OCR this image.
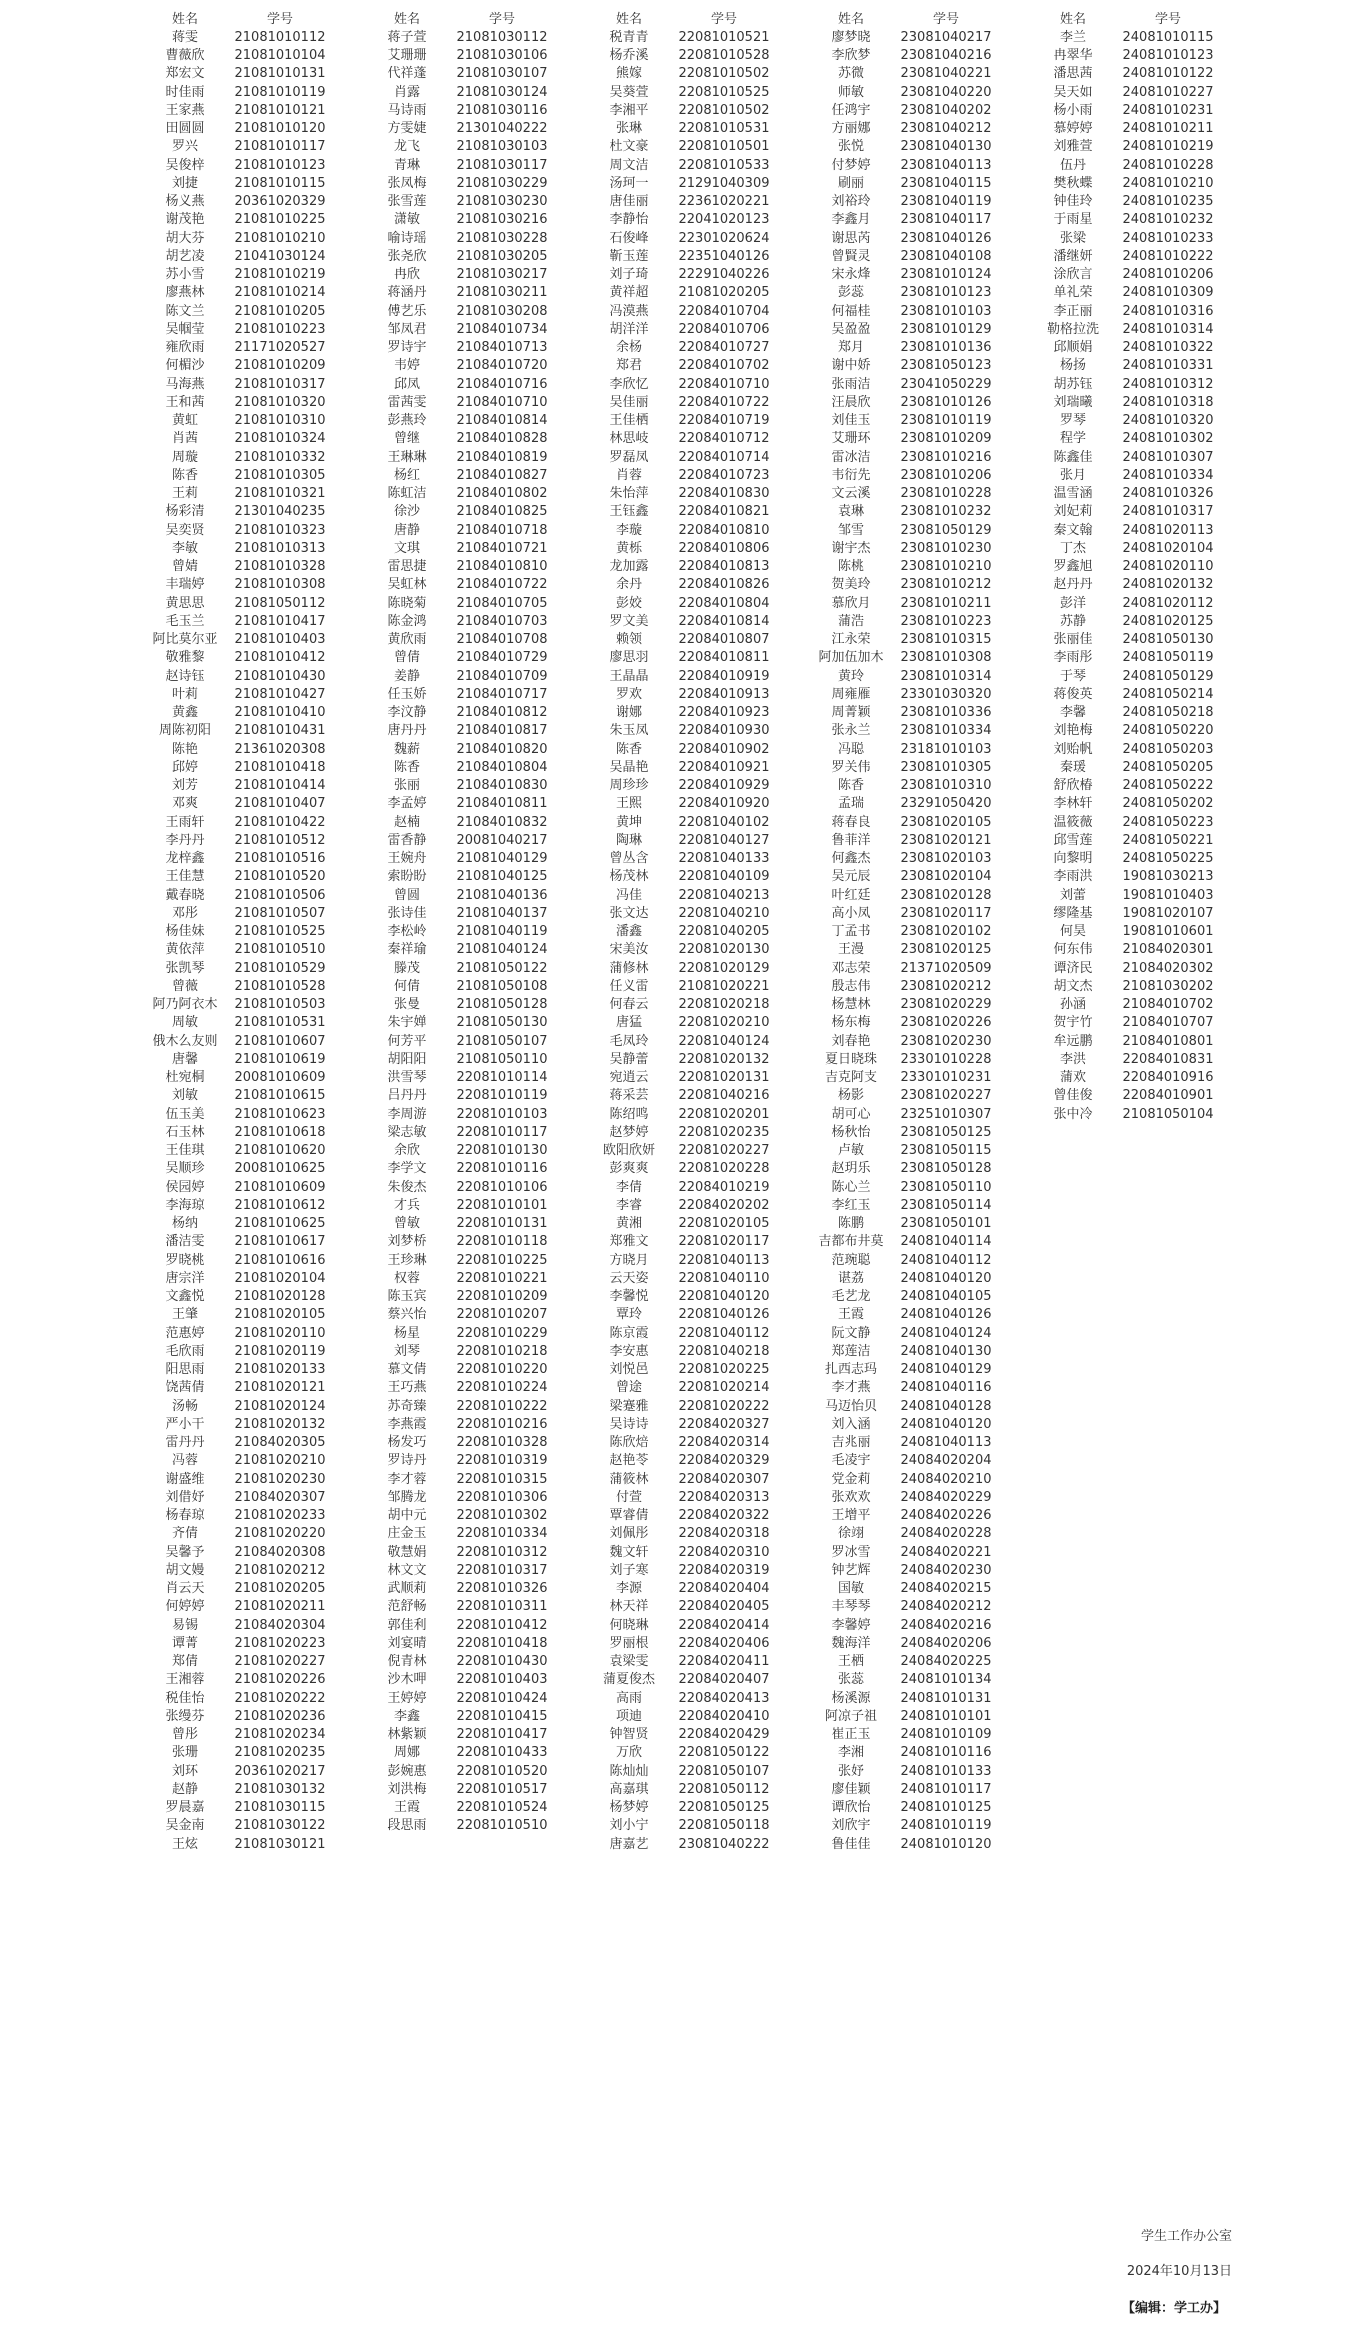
姓名	学号
蒋雯	21081010112
曹薇欣	21081010104
郑宏文	21081010131
时佳雨	21081010119
王家燕	21081010121
田圆圆	21081010120
罗兴	21081010117
吴俊梓	21081010123
刘捷	21081010115
杨义燕	20361020329
谢茂艳	21081010225
胡大芬	21081010210
胡艺凌	21041030124
苏小雪	21081010219
廖燕林	21081010214
陈文兰	21081010205
吴帼莹	21081010223
雍欣雨	21171020527
何楣沙	21081010209
马海燕	21081010317
王和茜	21081010320
黄虹	21081010310
肖茜	21081010324
周璇	21081010332
陈香	21081010305
王莉	21081010321
杨彩清	21301040235
吴奕贤	21081010323
李敏	21081010313
曾婧	21081010328
丰瑞婷	21081010308
黄思思	21081050112
毛玉兰	21081010417
阿比莫尔亚	21081010403
敬雅黎	21081010412
赵诗钰	21081010430
叶莉	21081010427
黄鑫	21081010410
周陈初阳	21081010431
陈艳	21361020308
邱婷	21081010418
刘芳	21081010414
邓爽	21081010407
王雨轩	21081010422
李丹丹	21081010512
龙梓鑫	21081010516
王佳慧	21081010520
戴春晓	21081010506
邓彤	21081010507
杨佳妹	21081010525
黄依萍	21081010510
张凯琴	21081010529
曾薇	21081010528
阿乃阿衣木	21081010503
周敏	21081010531
俄木么友则	21081010607
唐馨	21081010619
杜宛桐	20081010609
刘敏	21081010615
伍玉美	21081010623
石玉林	21081010618
王佳琪	21081010620
吴顺珍	20081010625
侯园婷	21081010609
李海琼	21081010612
杨纳	21081010625
潘洁雯	21081010617
罗晓桃	21081010616
唐宗洋	21081020104
文鑫悦	21081020128
王肇	21081020105
范惠婷	21081020110
毛欣雨	21081020119
阳思雨	21081020133
饶茜倩	21081020121
汤畅	21081020124
严小干	21081020132
雷丹丹	21084020305
冯蓉	21081020210
谢盛维	21081020230
刘借妤	21084020307
杨春琼	21081020233
齐倩	21081020220
吴馨予	21084020308
胡文嫚	21081020212
肖云天	21081020205
何婷婷	21081020211
易锡	21084020304
谭菁	21081020223
郑倩	21081020227
王湘蓉	21081020226
税佳怡	21081020222
张缦芬	21081020236
曾彤	21081020234
张珊	21081020235
刘环	20361020217
赵静	21081030132
罗晨嘉	21081030115
吴金南	21081030122
王炫	21081030121
姓名	学号
蒋子萱	21081030112
艾珊珊	21081030106
代祥蓬	21081030107
肖露	21081030124
马诗雨	21081030116
方雯婕	21301040222
龙飞	21081030103
青琳	21081030117
张凤梅	21081030229
张雪莲	21081030230
潇敏	21081030216
喻诗瑶	21081030228
张尧欣	21081030205
冉欣	21081030217
蒋涵丹	21081030211
傅艺乐	21081030208
邹凤君	21084010734
罗诗宇	21084010713
韦婷	21084010720
邱凤	21084010716
雷茜雯	21084010710
彭燕玲	21084010814
曾继	21084010828
王琳琳	21084010819
杨红	21084010827
陈虹洁	21084010802
徐沙	21084010825
唐静	21084010718
文琪	21084010721
雷思捷	21084010810
吴虹林	21084010722
陈晓菊	21084010705
陈金鸿	21084010703
黄欣雨	21084010708
曾倩	21084010729
姜静	21084010709
任玉娇	21084010717
李汶静	21084010812
唐丹丹	21084010817
魏薪	21084010820
陈香	21084010804
张丽	21084010830
李孟婷	21084010811
赵楠	21084010832
雷香静	20081040217
王婉舟	21081040129
索盼盼	21081040125
曾圆	21081040136
张诗佳	21081040137
李松岭	21081040119
秦祥瑜	21081040124
滕茂	21081050122
何倩	21081050108
张曼	21081050128
朱宇婵	21081050130
何芳平	21081050107
胡阳阳	21081050110
洪雪琴	22081010114
吕丹丹	22081010119
李周游	22081010103
梁志敏	22081010117
余欣	22081010130
李学文	22081010116
朱俊杰	22081010106
才兵	22081010101
曾敏	22081010131
刘梦桥	22081010118
王珍琳	22081010225
权蓉	22081010221
陈玉宾	22081010209
蔡兴怡	22081010207
杨星	22081010229
刘琴	22081010218
慕文倩	22081010220
王巧燕	22081010224
苏奇臻	22081010222
李燕霞	22081010216
杨发巧	22081010328
罗诗丹	22081010319
李才蓉	22081010315
邹腾龙	22081010306
胡中元	22081010302
庄金玉	22081010334
敬慧娟	22081010312
林文文	22081010317
武顺莉	22081010326
范舒畅	22081010311
郭佳利	22081010412
刘宴晴	22081010418
倪青林	22081010430
沙木呷	22081010403
王婷婷	22081010424
李鑫	22081010415
林紫颖	22081010417
周娜	22081010433
彭婉惠	22081010520
刘洪梅	22081010517
王霞	22081010524
段思雨	22081010510
姓名	学号
税青青	22081010521
杨乔溪	22081010528
熊嫁	22081010502
吴葵萱	22081010525
李湘平	22081010502
张琳	22081010531
杜文豪	22081010501
周文洁	22081010533
汤珂一	21291040309
唐佳丽	22361020221
李静怡	22041020123
石俊峰	22301020624
靳玉莲	22351040126
刘子琦	22291040226
黄祥超	21081020205
冯漠燕	22084010704
胡洋洋	22084010706
余杨	22084010727
郑君	22084010702
李欣忆	22084010710
吴佳丽	22084010722
王佳栖	22084010719
林思岐	22084010712
罗磊凤	22084010714
肖蓉	22084010723
朱怡萍	22084010830
王钰鑫	22084010821
李璇	22084010810
黄栎	22084010806
龙加露	22084010813
余丹	22084010826
彭姣	22084010804
罗文美	22084010814
赖领	22084010807
廖思羽	22084010811
王晶晶	22084010919
罗欢	22084010913
谢娜	22084010923
朱玉凤	22084010930
陈香	22084010902
吴晶艳	22084010921
周珍珍	22084010929
王熙	22084010920
黄坤	22081040102
陶琳	22081040127
曾丛含	22081040133
杨茂林	22081040109
冯佳	22081040213
张文达	22081040210
潘鑫	22081040205
宋美汝	22081020130
蒲修林	22081020129
任义雷	21081020221
何春云	22081020218
唐猛	22081020210
毛凤玲	22081040124
吴静蕾	22081020132
宛逍云	22081020131
蒋采芸	22081040216
陈绍鸣	22081020201
赵梦婷	22081020235
欧阳欣妍	22081020227
彭爽爽	22081020228
李倩	22084010219
李睿	22084020202
黄湘	22081020105
郑雅文	22081020117
方晓月	22081040113
云天姿	22081040110
李馨悦	22081040120
覃玲	22081040126
陈京霞	22081040112
李安惠	22081040218
刘悦邑	22081020225
曾途	22081020214
梁蹇雅	22081020222
吴诗诗	22084020327
陈欣焙	22084020314
赵艳苓	22084020329
蒲筱林	22084020307
付萱	22084020313
覃睿倩	22084020322
刘佩彤	22084020318
魏文轩	22084020310
刘子寒	22084020319
李源	22084020404
林天祥	22084020405
何晓琳	22084020414
罗丽根	22084020406
袁梁雯	22084020411
蒲夏俊杰	22084020407
高雨	22084020413
项迪	22084020410
钟智贤	22084020429
万欣	22081050122
陈灿灿	22081050107
高嘉琪	22081050112
杨梦婷	22081050125
刘小宁	22081050118
唐嘉艺	23081040222
姓名	学号
廖梦晓	23081040217
李欣梦	23081040216
苏微	23081040221
师敏	23081040220
任鸿宇	23081040202
方丽娜	23081040212
张悦	23081040130
付梦婷	23081040113
刷丽	23081040115
刘裕玲	23081040119
李鑫月	23081040117
谢思芮	23081040126
曾賢灵	23081040108
宋永烽	23081010124
彭蕊	23081010123
何福桂	23081010103
吴盈盈	23081010129
郑月	23081010136
谢中娇	23081050123
张雨洁	23041050229
汪晨欣	23081010126
刘佳玉	23081010119
艾珊环	23081010209
雷冰洁	23081010216
韦衍先	23081010206
文云溪	23081010228
袁琳	23081010232
邹雪	23081050129
谢宇杰	23081010230
陈桃	23081010210
贺美玲	23081010212
慕欣月	23081010211
蒲浩	23081010223
江永荣	23081010315
阿加伍加木	23081010308
黄玲	23081010314
周雍雁	23301030320
周菁颖	23081010336
张永兰	23081010334
冯聪	23181010103
罗关伟	23081010305
陈香	23081010310
孟瑞	23291050420
蒋春良	23081020105
鲁菲洋	23081020121
何鑫杰	23081020103
吴元辰	23081020104
叶红廷	23081020128
高小凤	23081020117
丁孟书	23081020102
王漫	23081020125
邓志荣	21371020509
殷志伟	23081020212
杨慧林	23081020229
杨东梅	23081020226
刘春艳	23081020230
夏日晓珠	23301010228
吉克阿支	23301010231
杨影	23081020227
胡可心	23251010307
杨秋怡	23081050125
卢敏	23081050115
赵玥乐	23081050128
陈心兰	23081050110
李红玉	23081050114
陈鹏	23081050101
吉都布井莫	24081040114
范琬聪	24081040112
谌荔	24081040120
毛艺龙	24081040105
王霞	24081040126
阮文静	24081040124
郑莲洁	24081040130
扎西志玛	24081040129
李才燕	24081040116
马迈怡贝	24081040128
刘入涵	24081040120
吉兆丽	24081040113
毛凌宇	24084020204
党金莉	24084020210
张欢欢	24084020229
王增平	24084020226
徐翊	24084020228
罗冰雪	24084020221
钟艺辉	24084020230
国敏	24084020215
丰琴琴	24084020212
李馨婷	24084020216
魏海洋	24084020206
王栖	24084020225
张蕊	24081010134
杨溪源	24081010131
阿凉子祖	24081010101
崔正玉	24081010109
李湘	24081010116
张妤	24081010133
廖佳颖	24081010117
谭欣怡	24081010125
刘欣宇	24081010119
鲁佳佳	24081010120
姓名	学号
李兰	24081010115
冉翠华	24081010123
潘思茜	24081010122
吴天如	24081010227
杨小雨	24081010231
慕婷婷	24081010211
刘雅萱	24081010219
伍丹	24081010228
樊秋蝶	24081010210
钟佳玲	24081010235
于雨星	24081010232
张梁	24081010233
潘继妍	24081010222
涂欣言	24081010206
单礼荣	24081010309
李正丽	24081010316
勒格拉洗	24081010314
邱顺娟	24081010322
杨扬	24081010331
胡苏钰	24081010312
刘瑞曦	24081010318
罗琴	24081010320
程学	24081010302
陈鑫佳	24081010307
张月	24081010334
温雪涵	24081010326
刘妃莉	24081010317
秦文翰	24081020113
丁杰	24081020104
罗鑫旭	24081020110
赵丹丹	24081020132
彭洋	24081020112
苏静	24081020125
张丽佳	24081050130
李雨彤	24081050119
于琴	24081050129
蒋俊英	24081050214
李馨	24081050218
刘艳梅	24081050220
刘贻帆	24081050203
秦瑗	24081050205
舒欣椿	24081050222
李林轩	24081050202
温筱薇	24081050223
邱雪莲	24081050221
向黎明	24081050225
李雨洪	19081030213
刘蕾	19081010403
缪隆基	19081020107
何昊	19081010601
何东伟	21084020301
谭济民	21084020302
胡文杰	21081030202
孙涵	21084010702
贺宇竹	21084010707
牟远鹏	21084010801
李洪	22084010831
蒲欢	22084010916
曾佳俊	22084010901
张中冷	21081050104
学生工作办公室
2024年10月13日
【编辑：学工办】
